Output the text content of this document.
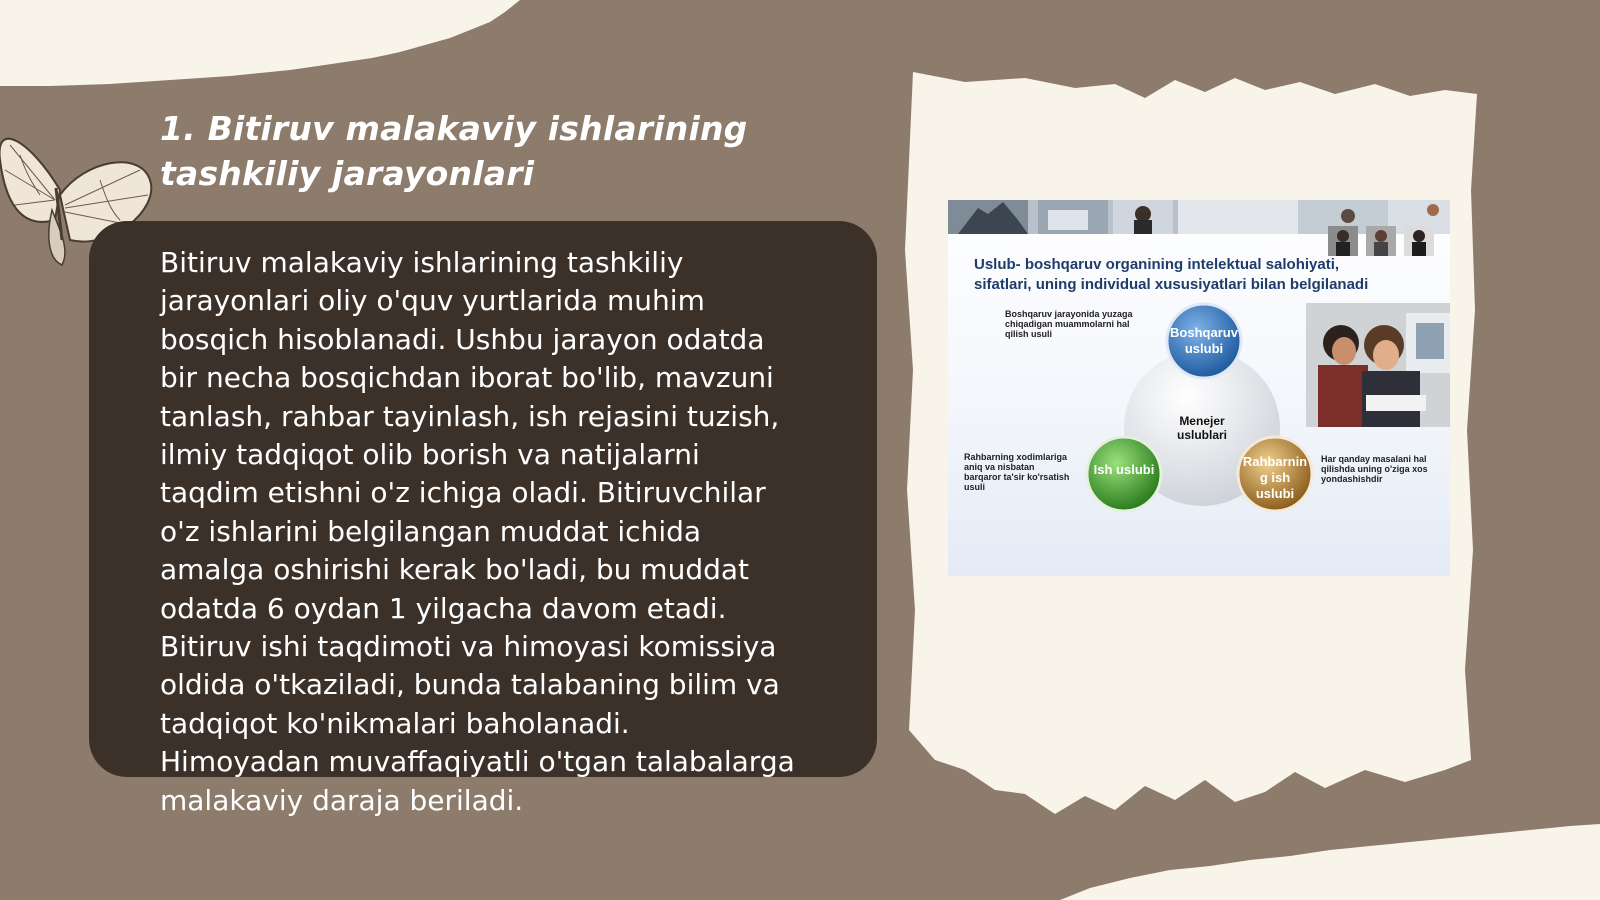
1. Bitiruv malakaviy ishlarining
tashkiliy jarayonlari
Bitiruv malakaviy ishlarining tashkiliy
jarayonlari oliy o'quv yurtlarida muhim
bosqich hisoblanadi. Ushbu jarayon odatda
bir necha bosqichdan iborat bo'lib, mavzuni
tanlash, rahbar tayinlash, ish rejasini tuzish,
ilmiy tadqiqot olib borish va natijalarni
taqdim etishni o'z ichiga oladi. Bitiruvchilar
o'z ishlarini belgilangan muddat ichida
amalga oshirishi kerak bo'ladi, bu muddat
odatda 6 oydan 1 yilgacha davom etadi.
Bitiruv ishi taqdimoti va himoyasi komissiya
oldida o'tkaziladi, bunda talabaning bilim va
tadqiqot ko'nikmalari baholanadi.
Himoyadan muvaffaqiyatli o'tgan talabalarga
malakaviy daraja beriladi.
Uslub- boshqaruv organining intelektual salohiyati,
sifatlari, uning individual xususiyatlari bilan belgilanadi
Boshqaruv jarayonida yuzaga
chiqadigan muammolarni hal
qilish usuli
Rahbarning xodimlariga
aniq va nisbatan
barqaror ta'sir ko'rsatish
usuli
Har qanday masalani hal
qilishda uning o'ziga xos
yondashishdir
Menejer
uslublari
Boshqaruv
uslubi
Ish uslubi
Rahbarnin
g ish
uslubi
